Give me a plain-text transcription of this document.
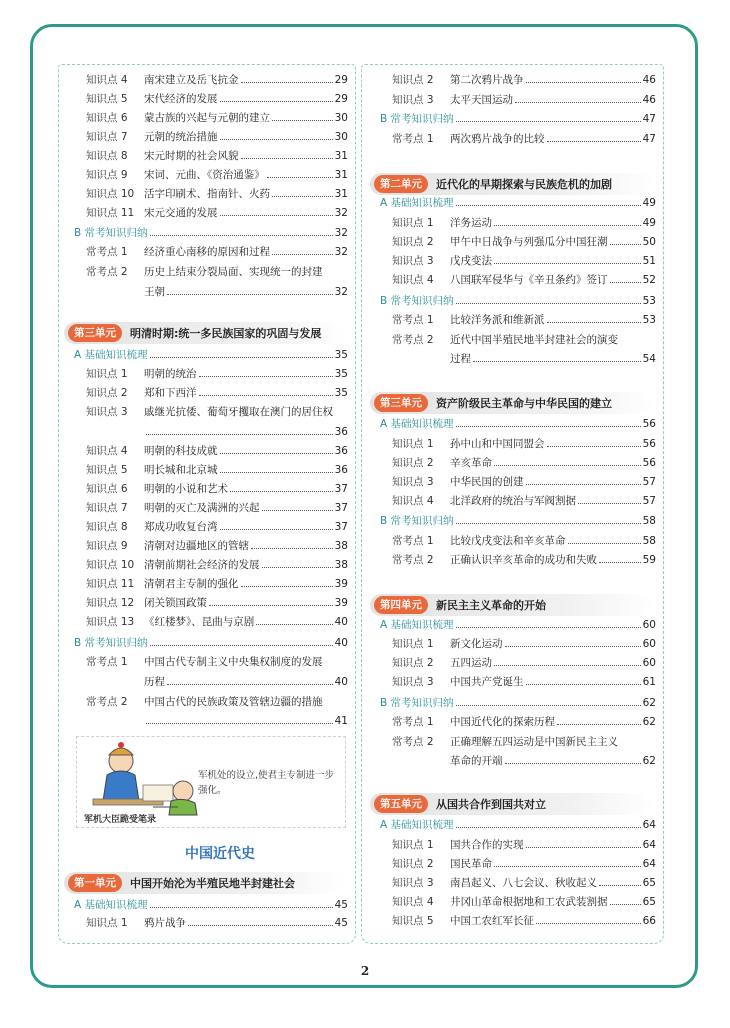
知识点 4	南宋建立及岳飞抗金	29
知识点 5	宋代经济的发展	29
知识点 6	蒙古族的兴起与元朝的建立	30
知识点 7	元朝的统治措施	30
知识点 8	宋元时期的社会风貌	31
知识点 9	宋词、元曲、《资治通鉴》	31
知识点 10 活字印刷术、指南针、火药	31
知识点 11 宋元交通的发展	32
B 常考知识归纳	32
常考点 1	经济重心南移的原因和过程	32
常考点 2	历史上结束分裂局面、实现统一的封建
王朝	32
第三单元	明清时期:统一多民族国家的巩固与发展
A 基础知识梳理	35
知识点 1	明朝的统治	35
知识点 2	郑和下西洋	35
知识点 3	戚继光抗倭、葡萄牙攫取在澳门的居住权
36
知识点 4	明朝的科技成就	36
知识点 5	明长城和北京城	36
知识点 6	明朝的小说和艺术	37
知识点 7	明朝的灭亡及满洲的兴起	37
知识点 8	郑成功收复台湾	37
知识点 9	清朝对边疆地区的管辖	38
知识点 10 清朝前期社会经济的发展	38
知识点 11 清朝君主专制的强化	39
知识点 12 闭关锁国政策	39
知识点 13 《红楼梦》、昆曲与京剧	40
B 常考知识归纳	40
常考点 1	中国古代专制主义中央集权制度的发展
历程	40
常考点 2	中国古代的民族政策及管辖边疆的措施
41
第一单元	中国开始沦为半殖民地半封建社会
A 基础知识梳理	45
知识点 1	鸦片战争	45
知识点 2	第二次鸦片战争	46
知识点 3	太平天国运动	46
B 常考知识归纳	47
常考点 1	两次鸦片战争的比较	47
第二单元	近代化的早期探索与民族危机的加剧
A 基础知识梳理	49
知识点 1	洋务运动	49
知识点 2	甲午中日战争与列强瓜分中国狂潮	50
知识点 3	戊戌变法	51
知识点 4	八国联军侵华与《辛丑条约》签订	52
B 常考知识归纳	53
常考点 1	比较洋务派和维新派	53
常考点 2	近代中国半殖民地半封建社会的演变
过程	54
第三单元	资产阶级民主革命与中华民国的建立
A 基础知识梳理	56
知识点 1	孙中山和中国同盟会	56
知识点 2	辛亥革命	56
知识点 3	中华民国的创建	57
知识点 4	北洋政府的统治与军阀割据	57
B 常考知识归纳	58
常考点 1	比较戊戌变法和辛亥革命	58
常考点 2	正确认识辛亥革命的成功和失败	59
第四单元	新民主主义革命的开始
A 基础知识梳理	60
知识点 1	新文化运动	60
知识点 2	五四运动	60
知识点 3	中国共产党诞生	61
B 常考知识归纳	62
常考点 1	中国近代化的探索历程	62
常考点 2	正确理解五四运动是中国新民主主义
革命的开端	62
第五单元	从国共合作到国共对立
A 基础知识梳理	64
知识点 1	国共合作的实现	64
知识点 2	国民革命	64
知识点 3	南昌起义、八七会议、秋收起义	65
知识点 4	井冈山革命根据地和工农武装割据	65
知识点 5	中国工农红军长征	66
军机处的设立,使君主专制进一步强化。
军机大臣跪受笔录
中国近代史
2
